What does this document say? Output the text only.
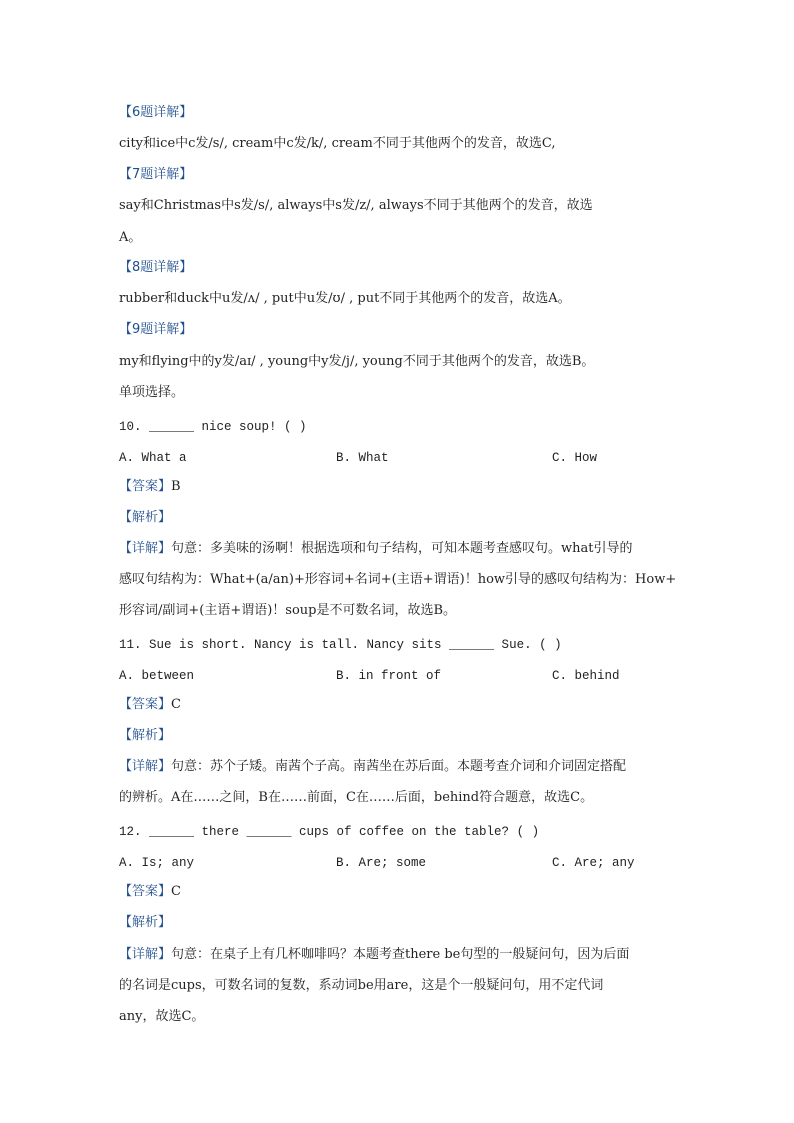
【6题详解】
city和ice中c发/s/, cream中c发/k/, cream不同于其他两个的发音，故选C,
【7题详解】
say和Christmas中s发/s/, always中s发/z/, always不同于其他两个的发音，故选
A。
【8题详解】
rubber和duck中u发/ʌ/ , put中u发/ʊ/ , put不同于其他两个的发音，故选A。
【9题详解】
my和flying中的y发/aɪ/ , young中y发/j/, young不同于其他两个的发音，故选B。
单项选择。
10. ______ nice soup! ( )
A. What a	B. What	C. How
【答案】B
【解析】
【详解】句意：多美味的汤啊！根据选项和句子结构，可知本题考查感叹句。what引导的
感叹句结构为：What+(a/an)+形容词+名词+(主语+谓语)！how引导的感叹句结构为：How+
形容词/副词+(主语+谓语)！soup是不可数名词，故选B。
11. Sue is short. Nancy is tall. Nancy sits ______ Sue. ( )
A. between	B. in front of	C. behind
【答案】C
【解析】
【详解】句意：苏个子矮。南茜个子高。南茜坐在苏后面。本题考查介词和介词固定搭配
的辨析。A在……之间，B在……前面，C在……后面，behind符合题意，故选C。
12. ______ there ______ cups of coffee on the table? ( )
A. Is; any	B. Are; some	C. Are; any
【答案】C
【解析】
【详解】句意：在桌子上有几杯咖啡吗？本题考查there be句型的一般疑问句，因为后面
的名词是cups，可数名词的复数，系动词be用are，这是个一般疑问句，用不定代词
any，故选C。
